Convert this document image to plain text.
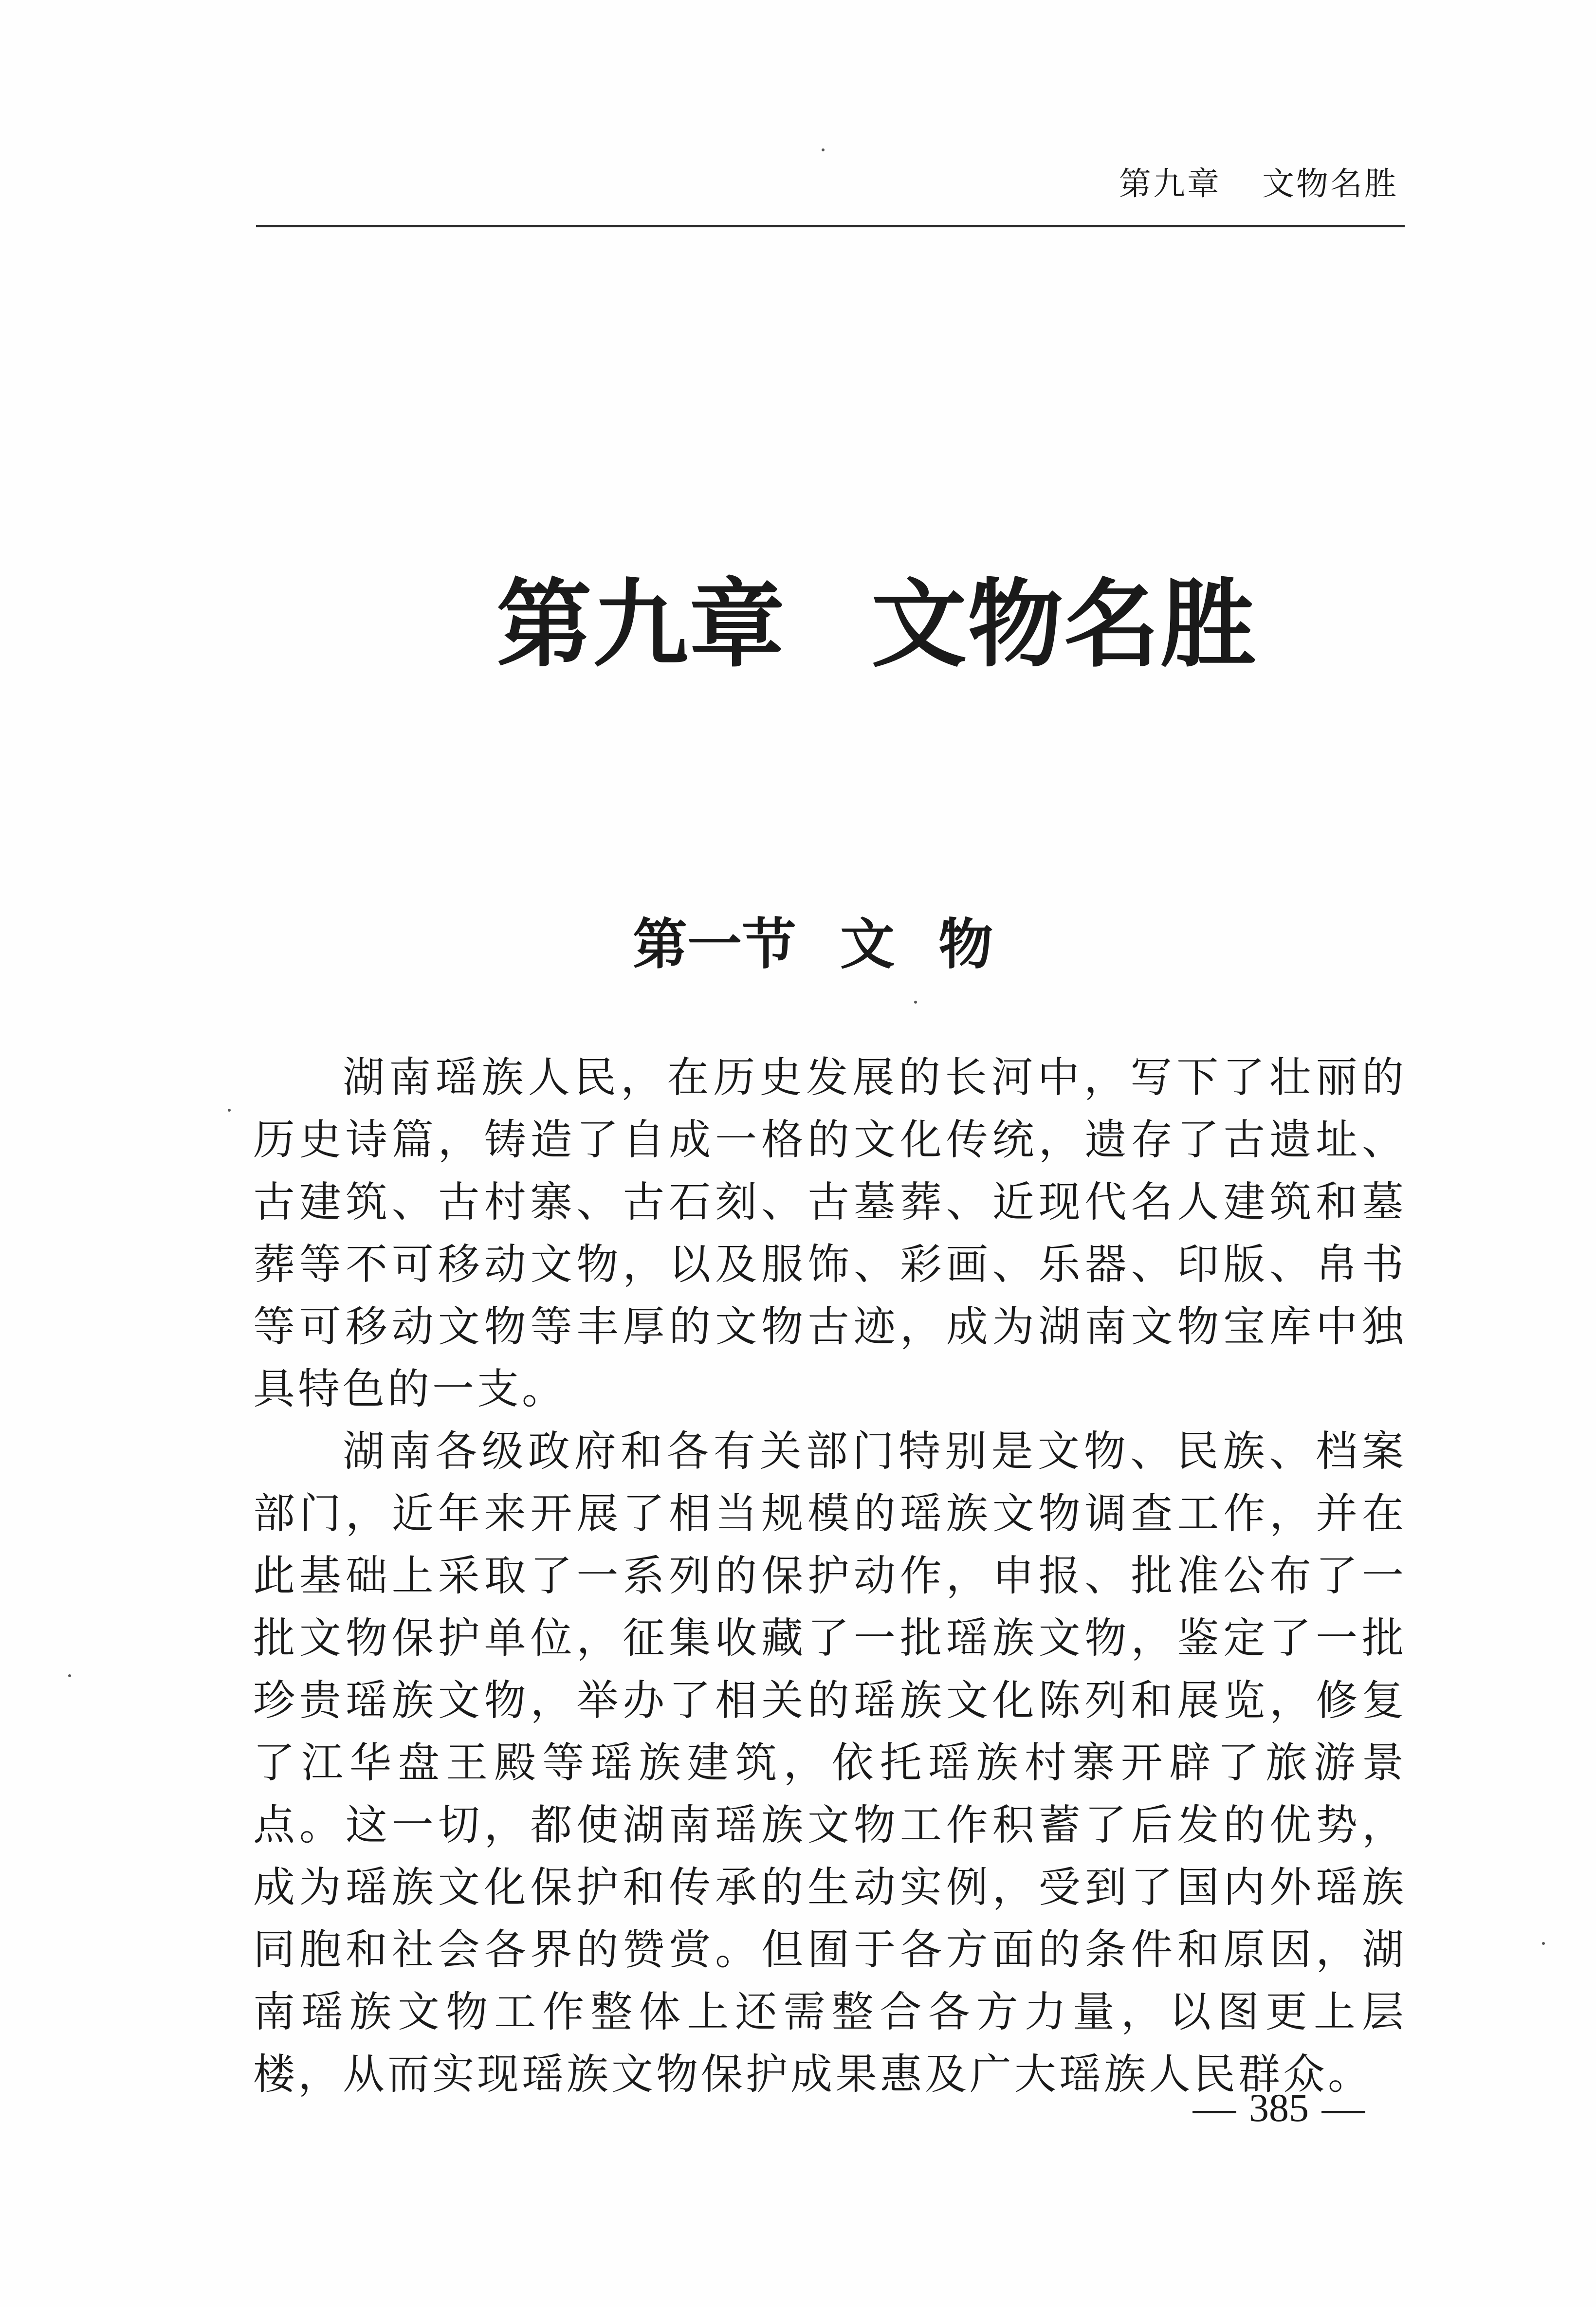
第九章 文物名胜
第九章 文物名胜
第一节 文 物

湖南瑶族人民，在历史发展的长河中，写下了壮丽的历史诗篇，铸造了自成一格的文化传统，遗存了古遗址、古建筑、古村寨、古石刻、古墓葬、近现代名人建筑和墓葬等不可移动文物，以及服饰、彩画、乐器、印版、帛书等可移动文物等丰厚的文物古迹，成为湖南文物宝库中独具特色的一支。

湖南各级政府和各有关部门特别是文物、民族、档案部门，近年来开展了相当规模的瑶族文物调查工作，并在此基础上采取了一系列的保护动作，申报、批准公布了一批文物保护单位，征集收藏了一批瑶族文物，鉴定了一批珍贵瑶族文物，举办了相关的瑶族文化陈列和展览，修复了江华盘王殿等瑶族建筑，依托瑶族村寨开辟了旅游景点。这一切，都使湖南瑶族文物工作积蓄了后发的优势，成为瑶族文化保护和传承的生动实例，受到了国内外瑶族同胞和社会各界的赞赏。但囿于各方面的条件和原因，湖南瑶族文物工作整体上还需整合各方力量，以图更上层楼，从而实现瑶族文物保护成果惠及广大瑶族人民群众。

385
